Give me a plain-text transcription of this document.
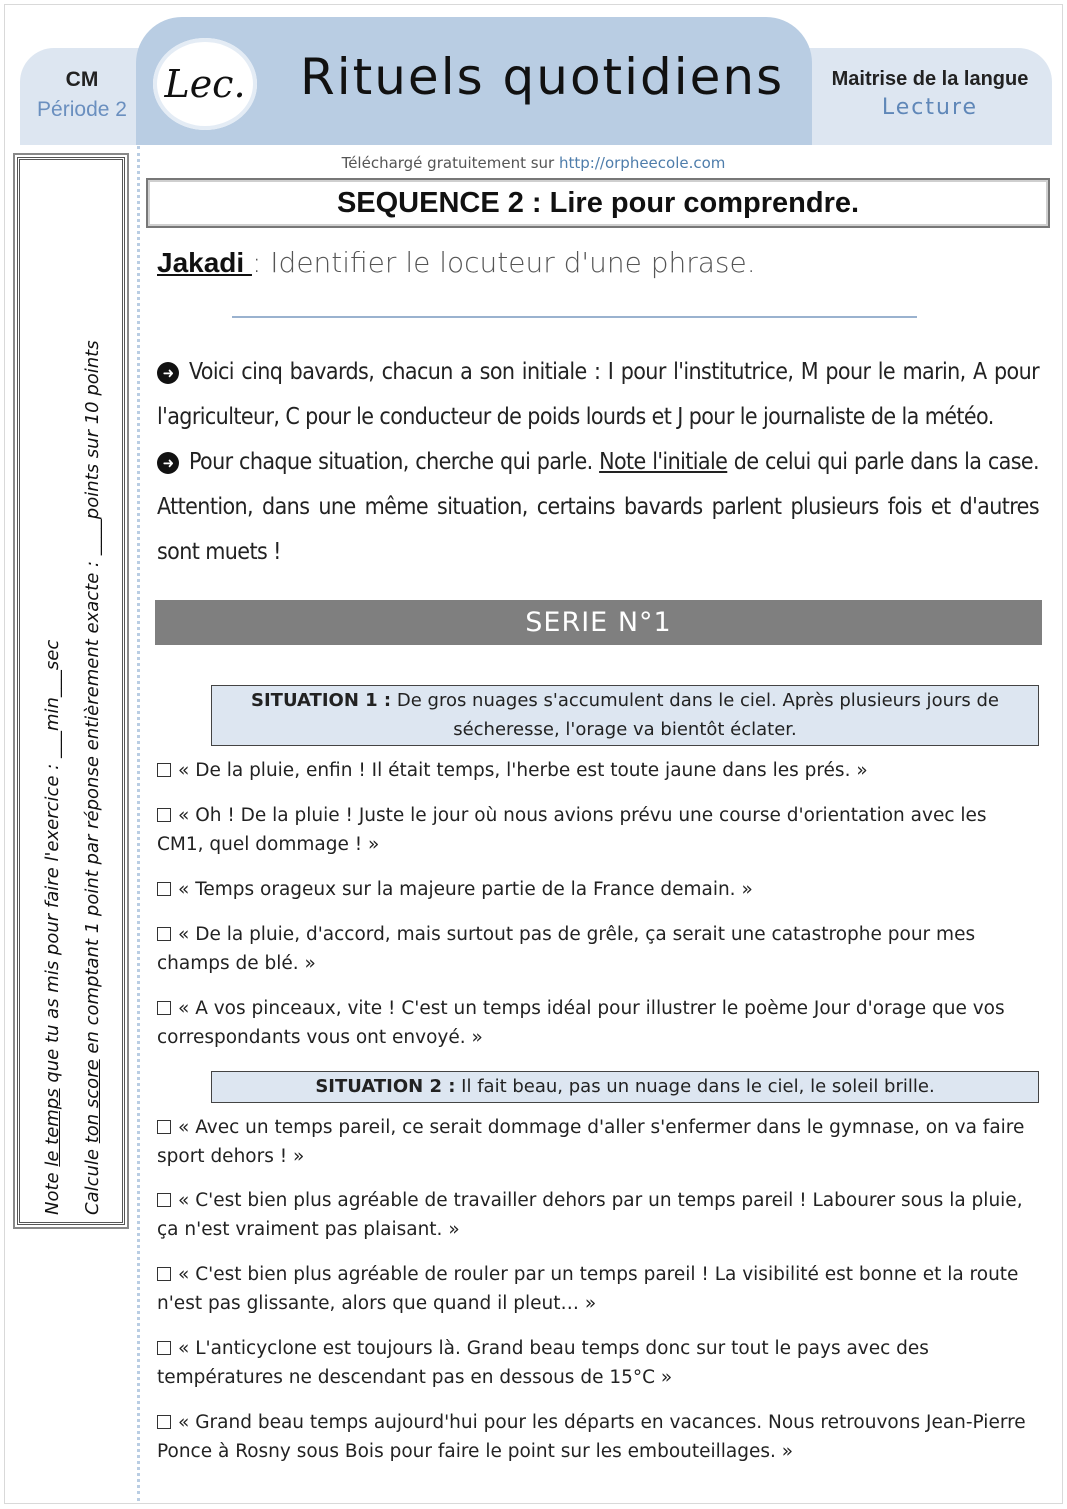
Lec. Rituels quotidiens
CM
Période 2
Maitrise de la langue
Lecture
Téléchargé gratuitement sur http://orpheecole.com
Note le temps que tu as mis pour faire l'exercice : ___min___sec
Calcule ton score en comptant 1 point par réponse entièrement exacte : ____points sur 10 points
SEQUENCE 2 : Lire pour comprendre.
Jakadi : Identifier le locuteur d'une phrase.
➜ Voici cinq bavards, chacun a son initiale : I pour l'institutrice, M pour le marin, A pour l'agriculteur, C pour le conducteur de poids lourds et J pour le journaliste de la météo.
➜ Pour chaque situation, cherche qui parle. Note l'initiale de celui qui parle dans la case. Attention, dans une même situation, certains bavards parlent plusieurs fois et d'autres sont muets !
SERIE N°1
SITUATION 1 : De gros nuages s'accumulent dans le ciel. Après plusieurs jours de sécheresse, l'orage va bientôt éclater.
« De la pluie, enfin ! Il était temps, l'herbe est toute jaune dans les prés. »
« Oh ! De la pluie ! Juste le jour où nous avions prévu une course d'orientation avec les CM1, quel dommage ! »
« Temps orageux sur la majeure partie de la France demain. »
« De la pluie, d'accord, mais surtout pas de grêle, ça serait une catastrophe pour mes champs de blé. »
« A vos pinceaux, vite ! C'est un temps idéal pour illustrer le poème Jour d'orage que vos correspondants vous ont envoyé. »
SITUATION 2 : Il fait beau, pas un nuage dans le ciel, le soleil brille.
« Avec un temps pareil, ce serait dommage d'aller s'enfermer dans le gymnase, on va faire sport dehors ! »
« C'est bien plus agréable de travailler dehors par un temps pareil ! Labourer sous la pluie, ça n'est vraiment pas plaisant. »
« C'est bien plus agréable de rouler par un temps pareil ! La visibilité est bonne et la route n'est pas glissante, alors que quand il pleut… »
« L'anticyclone est toujours là. Grand beau temps donc sur tout le pays avec des températures ne descendant pas en dessous de 15°C »
« Grand beau temps aujourd'hui pour les départs en vacances. Nous retrouvons Jean-Pierre Ponce à Rosny sous Bois pour faire le point sur les embouteillages. »
